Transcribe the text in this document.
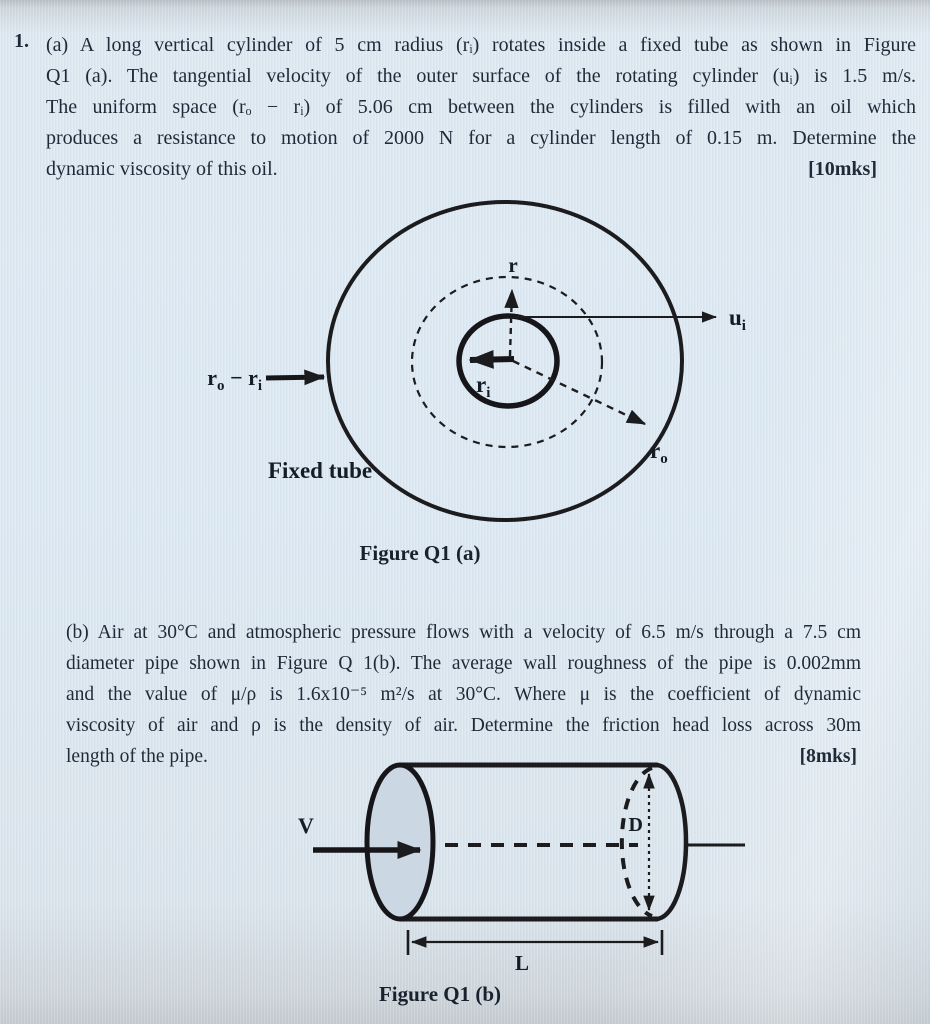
1. (a) A long vertical cylinder of 5 cm radius (rᵢ) rotates inside a fixed tube as shown in Figure
Q1 (a). The tangential velocity of the outer surface of the rotating cylinder (uᵢ) is 1.5 m/s.
The uniform space (rₒ − rᵢ) of 5.06 cm between the cylinders is filled with an oil which
produces a resistance to motion of 2000 N for a cylinder length of 0.15 m. Determine the
dynamic viscosity of this oil.	[10mks]
r
$u_i$
$r_i$
$r_o$
$r_o - r_i$
Fixed tube
Figure Q1 (a)
(b) Air at 30°C and atmospheric pressure flows with a velocity of 6.5 m/s through a 7.5 cm
diameter pipe shown in Figure Q 1(b). The average wall roughness of the pipe is 0.002mm
and the value of μ/ρ is 1.6x10⁻⁵ m²/s at 30°C. Where μ is the coefficient of dynamic
viscosity of air and ρ is the density of air. Determine the friction head loss across 30m
length of the pipe.	[8mks]
V	D
L
Figure Q1 (b)
